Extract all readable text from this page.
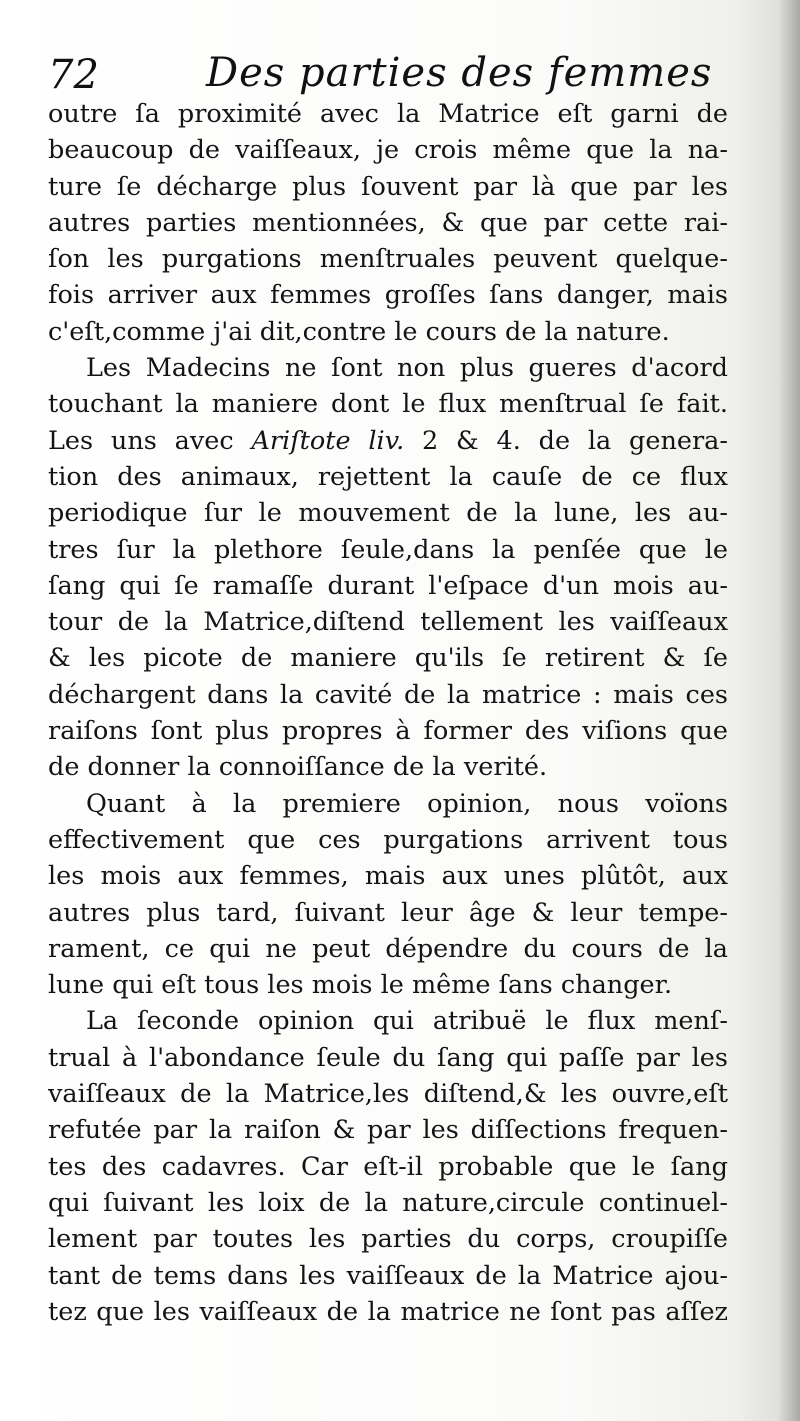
72	Des parties des femmes
outre ſa proximité avec la Matrice eſt garni de
beaucoup de vaiſſeaux, je crois même que la na-
ture ſe décharge plus ſouvent par là que par les
autres parties mentionnées, & que par cette rai-
ſon les purgations menſtruales peuvent quelque-
fois arriver aux femmes groſſes ſans danger, mais
c'eſt,comme j'ai dit,contre le cours de la nature.
Les Madecins ne ſont non plus gueres d'acord
touchant la maniere dont le flux menſtrual ſe fait.
Les uns avec Ariſtote liv. 2 & 4. de la genera-
tion des animaux, rejettent la cauſe de ce flux
periodique ſur le mouvement de la lune, les au-
tres ſur la plethore ſeule,dans la penſée que le
ſang qui ſe ramaſſe durant l'eſpace d'un mois au-
tour de la Matrice,diſtend tellement les vaiſſeaux
& les picote de maniere qu'ils ſe retirent & ſe
déchargent dans la cavité de la matrice : mais ces
raiſons ſont plus propres à former des viſions que
de donner la connoiſſance de la verité.
Quant à la premiere opinion, nous voïons
effectivement que ces purgations arrivent tous
les mois aux femmes, mais aux unes plûtôt, aux
autres plus tard, ſuivant leur âge & leur tempe-
rament, ce qui ne peut dépendre du cours de la
lune qui eſt tous les mois le même ſans changer.
La ſeconde opinion qui atribuë le flux menſ-
trual à l'abondance ſeule du ſang qui paſſe par les
vaiſſeaux de la Matrice,les diſtend,& les ouvre,eſt
refutée par la raiſon & par les diſſections frequen-
tes des cadavres. Car eſt-il probable que le ſang
qui ſuivant les loix de la nature,circule continuel-
lement par toutes les parties du corps, croupiſſe
tant de tems dans les vaiſſeaux de la Matrice ajou-
tez que les vaiſſeaux de la matrice ne ſont pas aſſez
